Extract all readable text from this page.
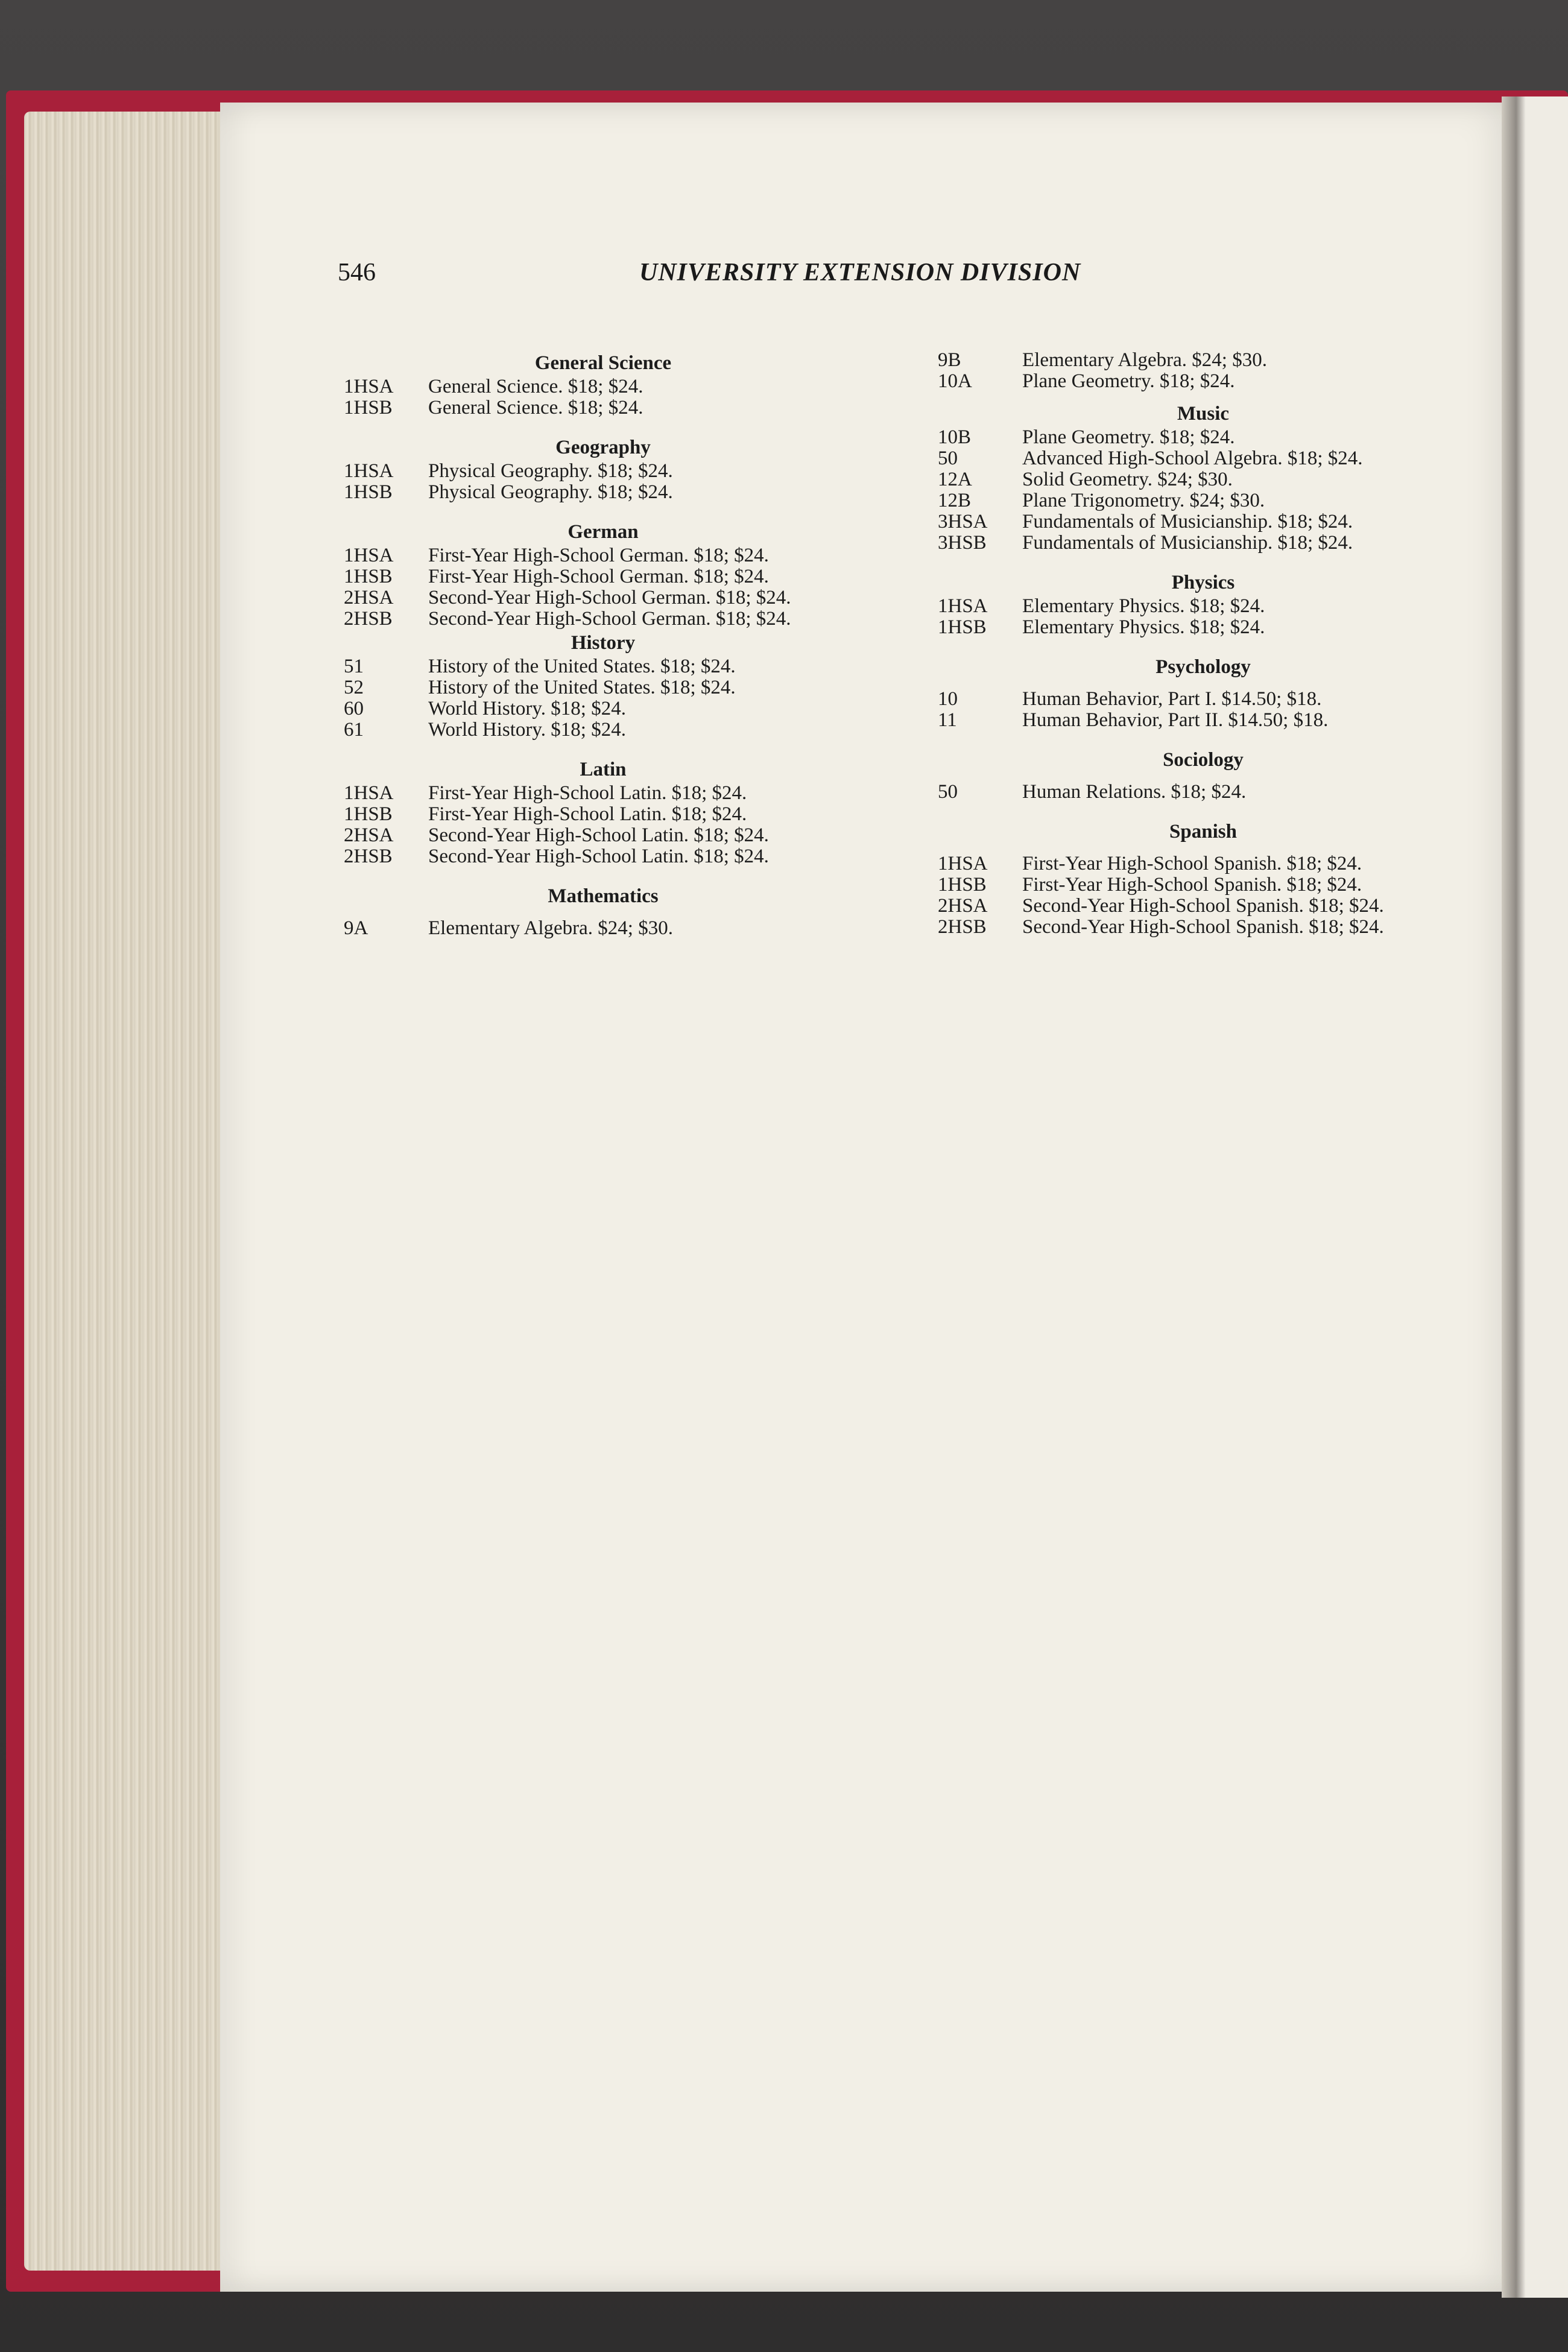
546	UNIVERSITY EXTENSION DIVISION
General Science
1HSA	General Science. $18; $24.
1HSB	General Science. $18; $24.
Geography
1HSA	Physical Geography. $18; $24.
1HSB	Physical Geography. $18; $24.
German
1HSA	First-Year High-School German. $18; $24.
1HSB	First-Year High-School German. $18; $24.
2HSA	Second-Year High-School German. $18; $24.
2HSB	Second-Year High-School German. $18; $24.
History
51	History of the United States. $18; $24.
52	History of the United States. $18; $24.
60	World History. $18; $24.
61	World History. $18; $24.
Latin
1HSA	First-Year High-School Latin. $18; $24.
1HSB	First-Year High-School Latin. $18; $24.
2HSA	Second-Year High-School Latin. $18; $24.
2HSB	Second-Year High-School Latin. $18; $24.
Mathematics
9A	Elementary Algebra. $24; $30.
9B	Elementary Algebra. $24; $30.
10A	Plane Geometry. $18; $24.
Music
10B	Plane Geometry. $18; $24.
50	Advanced High-School Algebra. $18; $24.
12A	Solid Geometry. $24; $30.
12B	Plane Trigonometry. $24; $30.
3HSA	Fundamentals of Musicianship. $18; $24.
3HSB	Fundamentals of Musicianship. $18; $24.
Physics
1HSA	Elementary Physics. $18; $24.
1HSB	Elementary Physics. $18; $24.
Psychology
10	Human Behavior, Part I. $14.50; $18.
11	Human Behavior, Part II. $14.50; $18.
Sociology
50	Human Relations. $18; $24.
Spanish
1HSA	First-Year High-School Spanish. $18; $24.
1HSB	First-Year High-School Spanish. $18; $24.
2HSA	Second-Year High-School Spanish. $18; $24.
2HSB	Second-Year High-School Spanish. $18; $24.
